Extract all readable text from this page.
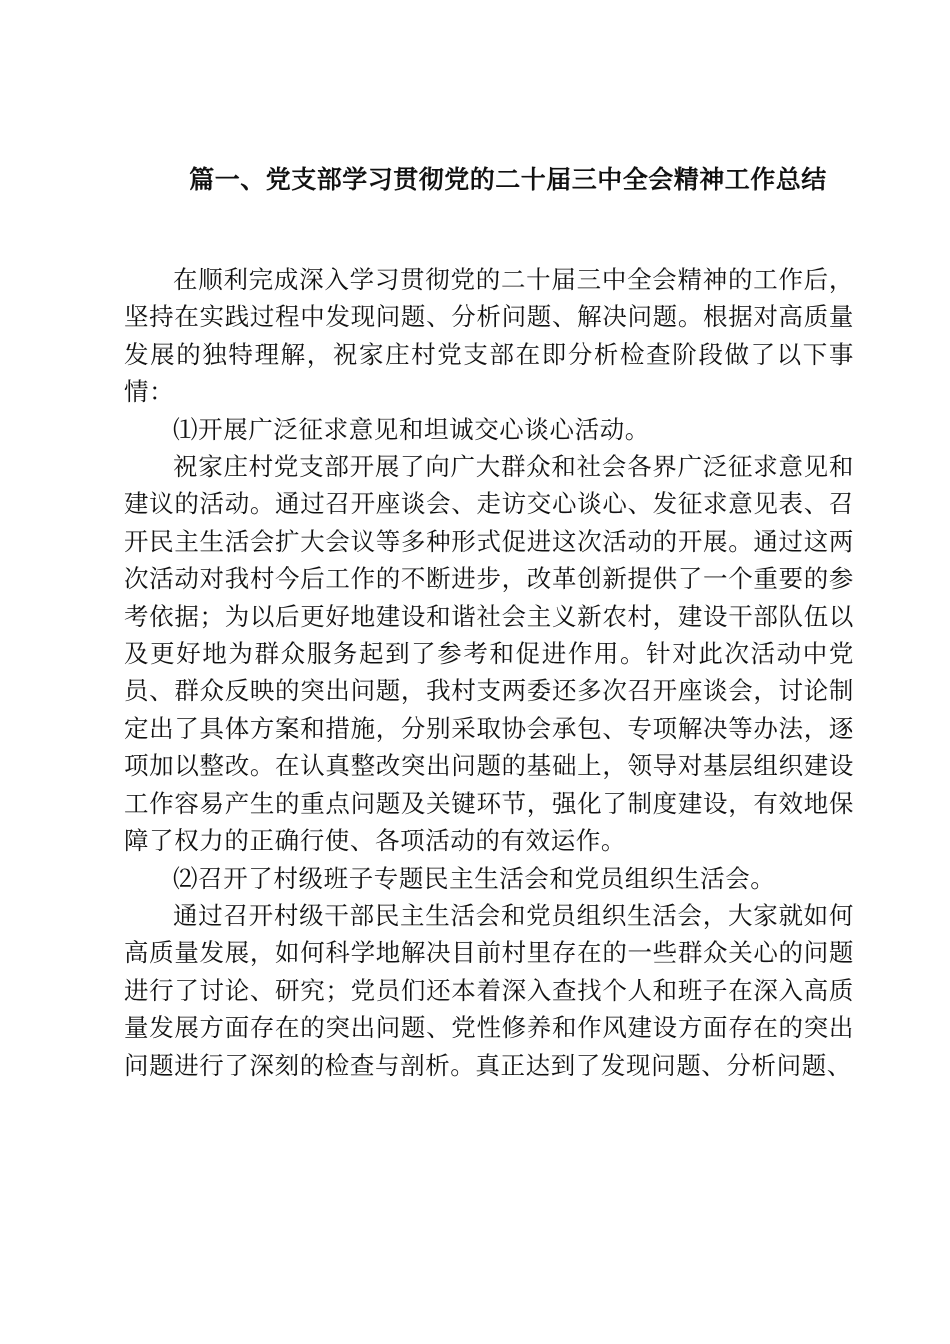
篇一、党支部学习贯彻党的二十届三中全会精神工作总结

在顺利完成深入学习贯彻党的二十届三中全会精神的工作后，坚持在实践过程中发现问题、分析问题、解决问题。根据对高质量发展的独特理解，祝家庄村党支部在即分析检查阶段做了以下事情：

⑴开展广泛征求意见和坦诚交心谈心活动。

祝家庄村党支部开展了向广大群众和社会各界广泛征求意见和建议的活动。通过召开座谈会、走访交心谈心、发征求意见表、召开民主生活会扩大会议等多种形式促进这次活动的开展。通过这两次活动对我村今后工作的不断进步，改革创新提供了一个重要的参考依据；为以后更好地建设和谐社会主义新农村，建设干部队伍以及更好地为群众服务起到了参考和促进作用。针对此次活动中党员、群众反映的突出问题，我村支两委还多次召开座谈会，讨论制定出了具体方案和措施，分别采取协会承包、专项解决等办法，逐项加以整改。在认真整改突出问题的基础上，领导对基层组织建设工作容易产生的重点问题及关键环节，强化了制度建设，有效地保障了权力的正确行使、各项活动的有效运作。

⑵召开了村级班子专题民主生活会和党员组织生活会。

通过召开村级干部民主生活会和党员组织生活会，大家就如何高质量发展，如何科学地解决目前村里存在的一些群众关心的问题进行了讨论、研究；党员们还本着深入查找个人和班子在深入高质量发展方面存在的突出问题、党性修养和作风建设方面存在的突出问题进行了深刻的检查与剖析。真正达到了发现问题、分析问题、
